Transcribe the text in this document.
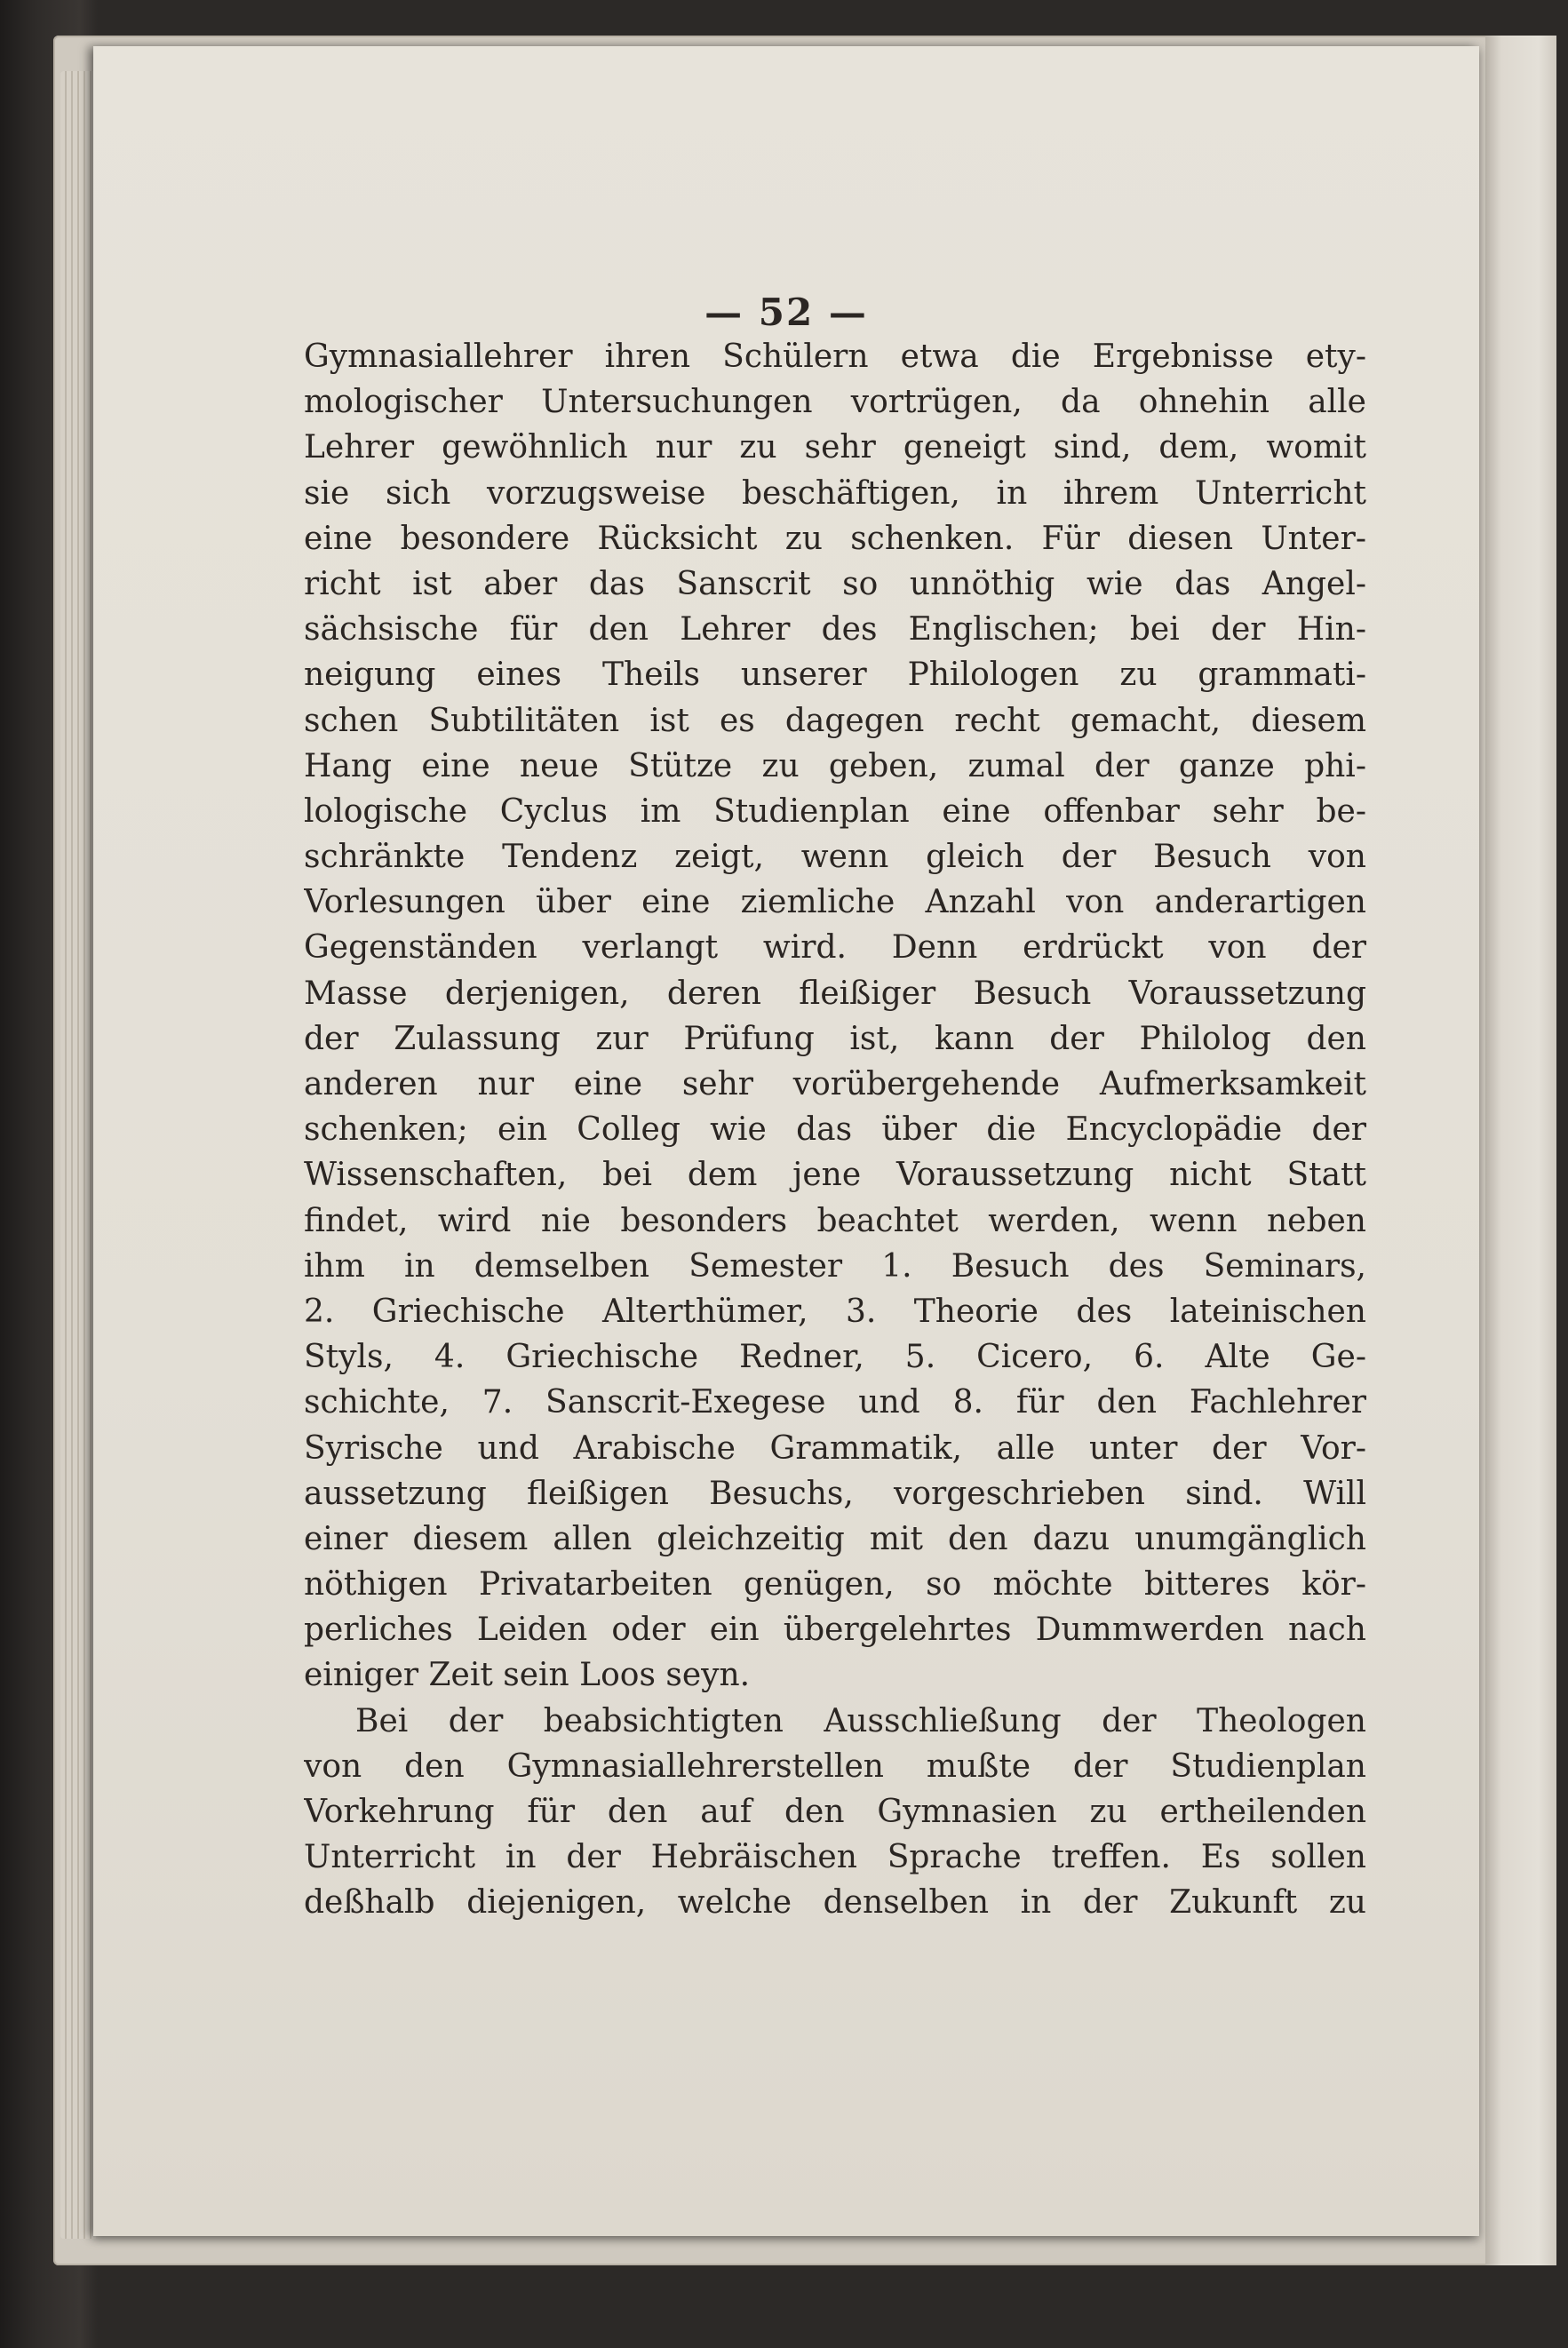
— 52 —
Gymnasiallehrer ihren Schülern etwa die Ergebnisse ety-
mologischer Untersuchungen vortrügen, da ohnehin alle
Lehrer gewöhnlich nur zu sehr geneigt sind, dem, womit
sie sich vorzugsweise beschäftigen, in ihrem Unterricht
eine besondere Rücksicht zu schenken. Für diesen Unter-
richt ist aber das Sanscrit so unnöthig wie das Angel-
sächsische für den Lehrer des Englischen; bei der Hin-
neigung eines Theils unserer Philologen zu grammati-
schen Subtilitäten ist es dagegen recht gemacht, diesem
Hang eine neue Stütze zu geben, zumal der ganze phi-
lologische Cyclus im Studienplan eine offenbar sehr be-
schränkte Tendenz zeigt, wenn gleich der Besuch von
Vorlesungen über eine ziemliche Anzahl von anderartigen
Gegenständen verlangt wird. Denn erdrückt von der
Masse derjenigen, deren fleißiger Besuch Voraussetzung
der Zulassung zur Prüfung ist, kann der Philolog den
anderen nur eine sehr vorübergehende Aufmerksamkeit
schenken; ein Colleg wie das über die Encyclopädie der
Wissenschaften, bei dem jene Voraussetzung nicht Statt
findet, wird nie besonders beachtet werden, wenn neben
ihm in demselben Semester 1. Besuch des Seminars,
2. Griechische Alterthümer, 3. Theorie des lateinischen
Styls, 4. Griechische Redner, 5. Cicero, 6. Alte Ge-
schichte, 7. Sanscrit-Exegese und 8. für den Fachlehrer
Syrische und Arabische Grammatik, alle unter der Vor-
aussetzung fleißigen Besuchs, vorgeschrieben sind. Will
einer diesem allen gleichzeitig mit den dazu unumgänglich
nöthigen Privatarbeiten genügen, so möchte bitteres kör-
perliches Leiden oder ein übergelehrtes Dummwerden nach
einiger Zeit sein Loos seyn.
Bei der beabsichtigten Ausschließung der Theologen
von den Gymnasiallehrerstellen mußte der Studienplan
Vorkehrung für den auf den Gymnasien zu ertheilenden
Unterricht in der Hebräischen Sprache treffen. Es sollen
deßhalb diejenigen, welche denselben in der Zukunft zu
